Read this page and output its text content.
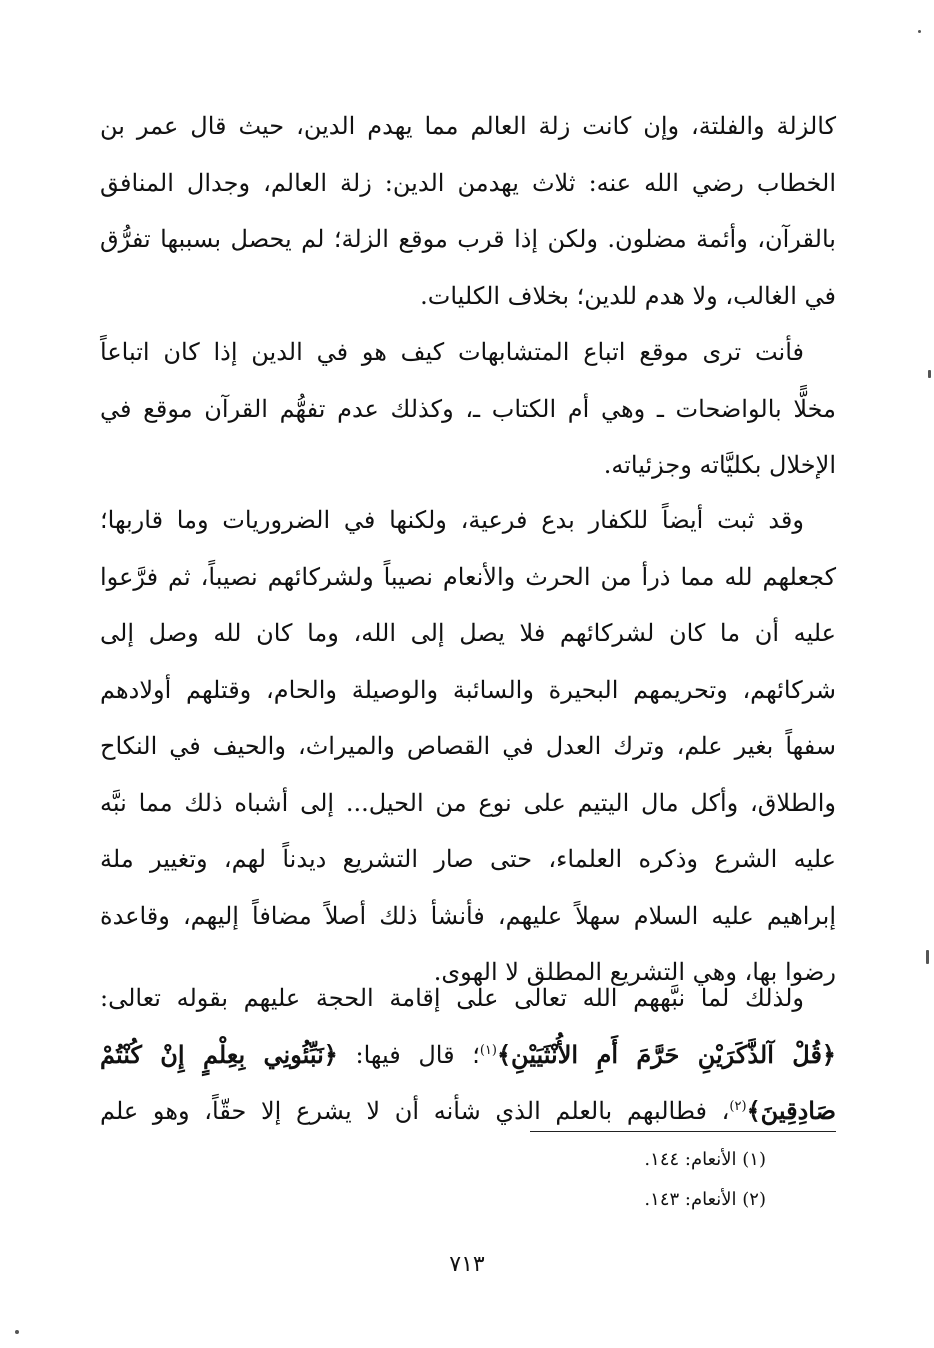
كالزلة والفلتة، وإن كانت زلة العالم مما يهدم الدين، حيث قال عمر بن
الخطاب رضي الله عنه: ثلاث يهدمن الدين: زلة العالم، وجدال المنافق
بالقرآن، وأئمة مضلون. ولكن إذا قرب موقع الزلة؛ لم يحصل بسببها تفرُّق
في الغالب، ولا هدم للدين؛ بخلاف الكليات.
فأنت ترى موقع اتباع المتشابهات كيف هو في الدين إذا كان اتباعاً
مخلًّا بالواضحات ـ وهي أم الكتاب ـ، وكذلك عدم تفهُّم القرآن موقع في
الإخلال بكليَّاته وجزئياته.
وقد ثبت أيضاً للكفار بدع فرعية، ولكنها في الضروريات وما قاربها؛
كجعلهم لله مما ذرأ من الحرث والأنعام نصيباً ولشركائهم نصيباً، ثم فرَّعوا
عليه أن ما كان لشركائهم فلا يصل إلى الله، وما كان لله وصل إلى
شركائهم، وتحريمهم البحيرة والسائبة والوصيلة والحام، وقتلهم أولادهم
سفهاً بغير علم، وترك العدل في القصاص والميراث، والحيف في النكاح
والطلاق، وأكل مال اليتيم على نوع من الحيل... إلى أشباه ذلك مما نبَّه
عليه الشرع وذكره العلماء، حتى صار التشريع ديدناً لهم، وتغيير ملة
إبراهيم عليه السلام سهلاً عليهم، فأنشأ ذلك أصلاً مضافاً إليهم، وقاعدة
رضوا بها، وهي التشريع المطلق لا الهوى.
ولذلك لما نبَّههم الله تعالى على إقامة الحجة عليهم بقوله تعالى:
﴿قُلْ آلذَّكَرَيْنِ حَرَّمَ أَمِ الأُنْثَيَيْنِ﴾$^{(١)}$؛ قال فيها: ﴿نَبِّئُونِي بِعِلْمٍ إِنْ كُنْتُمْ
صَادِقِينَ﴾$^{(٢)}$، فطالبهم بالعلم الذي شأنه أن لا يشرع إلا حقّاً، وهو علم
(١) الأنعام: ١٤٤.
(٢) الأنعام: ١٤٣.
٧١٣
